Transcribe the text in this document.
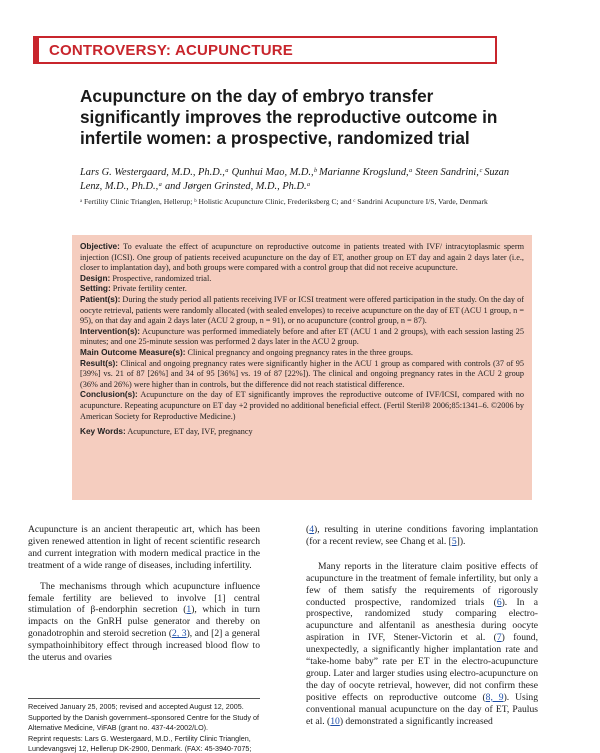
CONTROVERSY: ACUPUNCTURE
Acupuncture on the day of embryo transfer significantly improves the reproductive outcome in infertile women: a prospective, randomized trial

Lars G. Westergaard, M.D., Ph.D.,ᵃ Qunhui Mao, M.D.,ᵇ Marianne Krogslund,ᵃ Steen Sandrini,ᶜ Suzan Lenz, M.D., Ph.D.,ᵃ and Jørgen Grinsted, M.D., Ph.D.ᵃ

ᵃ Fertility Clinic Trianglen, Hellerup; ᵇ Holistic Acupuncture Clinic, Frederiksberg C; and ᶜ Sandrini Acupuncture I/S, Varde, Denmark

Objective: To evaluate the effect of acupuncture on reproductive outcome in patients treated with IVF/ intracytoplasmic sperm injection (ICSI). One group of patients received acupuncture on the day of ET, another group on ET day and again 2 days later (i.e., closer to implantation day), and both groups were compared with a control group that did not receive acupuncture.

Design: Prospective, randomized trial.

Setting: Private fertility center.

Patient(s): During the study period all patients receiving IVF or ICSI treatment were offered participation in the study. On the day of oocyte retrieval, patients were randomly allocated (with sealed envelopes) to receive acupuncture on the day of ET (ACU 1 group, n = 95), on that day and again 2 days later (ACU 2 group, n = 91), or no acupuncture (control group, n = 87).

Intervention(s): Acupuncture was performed immediately before and after ET (ACU 1 and 2 groups), with each session lasting 25 minutes; and one 25-minute session was performed 2 days later in the ACU 2 group.

Main Outcome Measure(s): Clinical pregnancy and ongoing pregnancy rates in the three groups.

Result(s): Clinical and ongoing pregnancy rates were significantly higher in the ACU 1 group as compared with controls (37 of 95 [39%] vs. 21 of 87 [26%] and 34 of 95 [36%] vs. 19 of 87 [22%]). The clinical and ongoing pregnancy rates in the ACU 2 group (36% and 26%) were higher than in controls, but the difference did not reach statistical difference.

Conclusion(s): Acupuncture on the day of ET significantly improves the reproductive outcome of IVF/ICSI, compared with no acupuncture. Repeating acupuncture on ET day +2 provided no additional beneficial effect. (Fertil Steril® 2006;85:1341–6. ©2006 by American Society for Reproductive Medicine.)

Key Words: Acupuncture, ET day, IVF, pregnancy

Acupuncture is an ancient therapeutic art, which has been given renewed attention in light of recent scientific research and current integration with modern medical practice in the treatment of a wide range of diseases, including infertility.

The mechanisms through which acupuncture influence female fertility are believed to involve [1] central stimulation of β-endorphin secretion (1), which in turn impacts on the GnRH pulse generator and thereby on gonadotrophin and steroid secretion (2, 3), and [2] a general sympathoinhibitory effect through increased blood flow to the uterus and ovaries

(4), resulting in uterine conditions favoring implantation (for a recent review, see Chang et al. [5]).

Many reports in the literature claim positive effects of acupuncture in the treatment of female infertility, but only a few of them satisfy the requirements of rigorously conducted prospective, randomized trials (6). In a prospective, randomized study comparing electro-acupuncture and alfentanil as anesthesia during oocyte aspiration in IVF, Stener-Victorin et al. (7) found, unexpectedly, a significantly higher implantation rate and “take-home baby” rate per ET in the electro-acupuncture group. Later and larger studies using electro-acupuncture on the day of oocyte retrieval, however, did not confirm these positive effects on reproductive outcome (8, 9). Using conventional manual acupuncture on the day of ET, Paulus et al. (10) demonstrated a significantly increased

Received January 25, 2005; revised and accepted August 12, 2005.

Supported by the Danish government–sponsored Centre for the Study of Alternative Medicine, ViFAB (grant no. 437-44-2002/LO).

Reprint requests: Lars G. Westergaard, M.D., Fertility Clinic Trianglen, Lundevangsvej 12, Hellerup DK-2900, Denmark. (FAX: 45-3940-7075;
